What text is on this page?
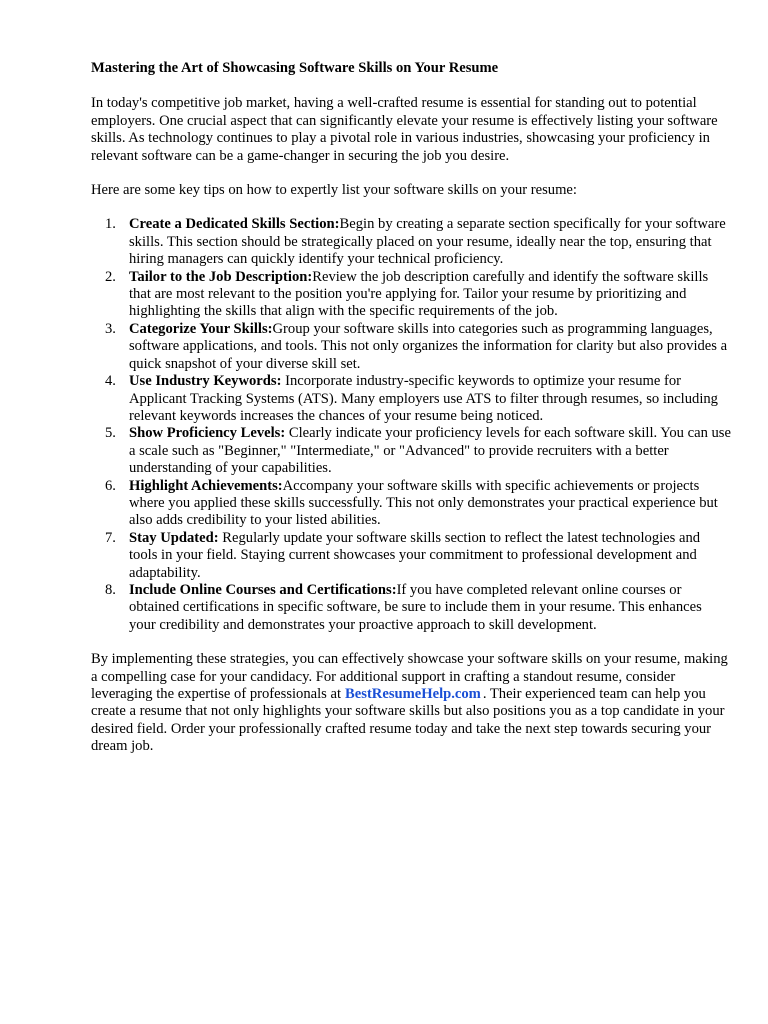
Mastering the Art of Showcasing Software Skills on Your Resume

In today's competitive job market, having a well-crafted resume is essential for standing out to potential employers. One crucial aspect that can significantly elevate your resume is effectively listing your software skills. As technology continues to play a pivotal role in various industries, showcasing your proficiency in relevant software can be a game-changer in securing the job you desire.

Here are some key tips on how to expertly list your software skills on your resume:

1. Create a Dedicated Skills Section:Begin by creating a separate section specifically for your software skills. This section should be strategically placed on your resume, ideally near the top, ensuring that hiring managers can quickly identify your technical proficiency.
2. Tailor to the Job Description:Review the job description carefully and identify the software skills that are most relevant to the position you're applying for. Tailor your resume by prioritizing and highlighting the skills that align with the specific requirements of the job.
3. Categorize Your Skills:Group your software skills into categories such as programming languages, software applications, and tools. This not only organizes the information for clarity but also provides a quick snapshot of your diverse skill set.
4. Use Industry Keywords: Incorporate industry-specific keywords to optimize your resume for Applicant Tracking Systems (ATS). Many employers use ATS to filter through resumes, so including relevant keywords increases the chances of your resume being noticed.
5. Show Proficiency Levels: Clearly indicate your proficiency levels for each software skill. You can use a scale such as "Beginner," "Intermediate," or "Advanced" to provide recruiters with a better understanding of your capabilities.
6. Highlight Achievements:Accompany your software skills with specific achievements or projects where you applied these skills successfully. This not only demonstrates your practical experience but also adds credibility to your listed abilities.
7. Stay Updated: Regularly update your software skills section to reflect the latest technologies and tools in your field. Staying current showcases your commitment to professional development and adaptability.
8. Include Online Courses and Certifications:If you have completed relevant online courses or obtained certifications in specific software, be sure to include them in your resume. This enhances your credibility and demonstrates your proactive approach to skill development.

By implementing these strategies, you can effectively showcase your software skills on your resume, making a compelling case for your candidacy. For additional support in crafting a standout resume, consider leveraging the expertise of professionals at BestResumeHelp.com . Their experienced team can help you create a resume that not only highlights your software skills but also positions you as a top candidate in your desired field. Order your professionally crafted resume today and take the next step towards securing your dream job.
